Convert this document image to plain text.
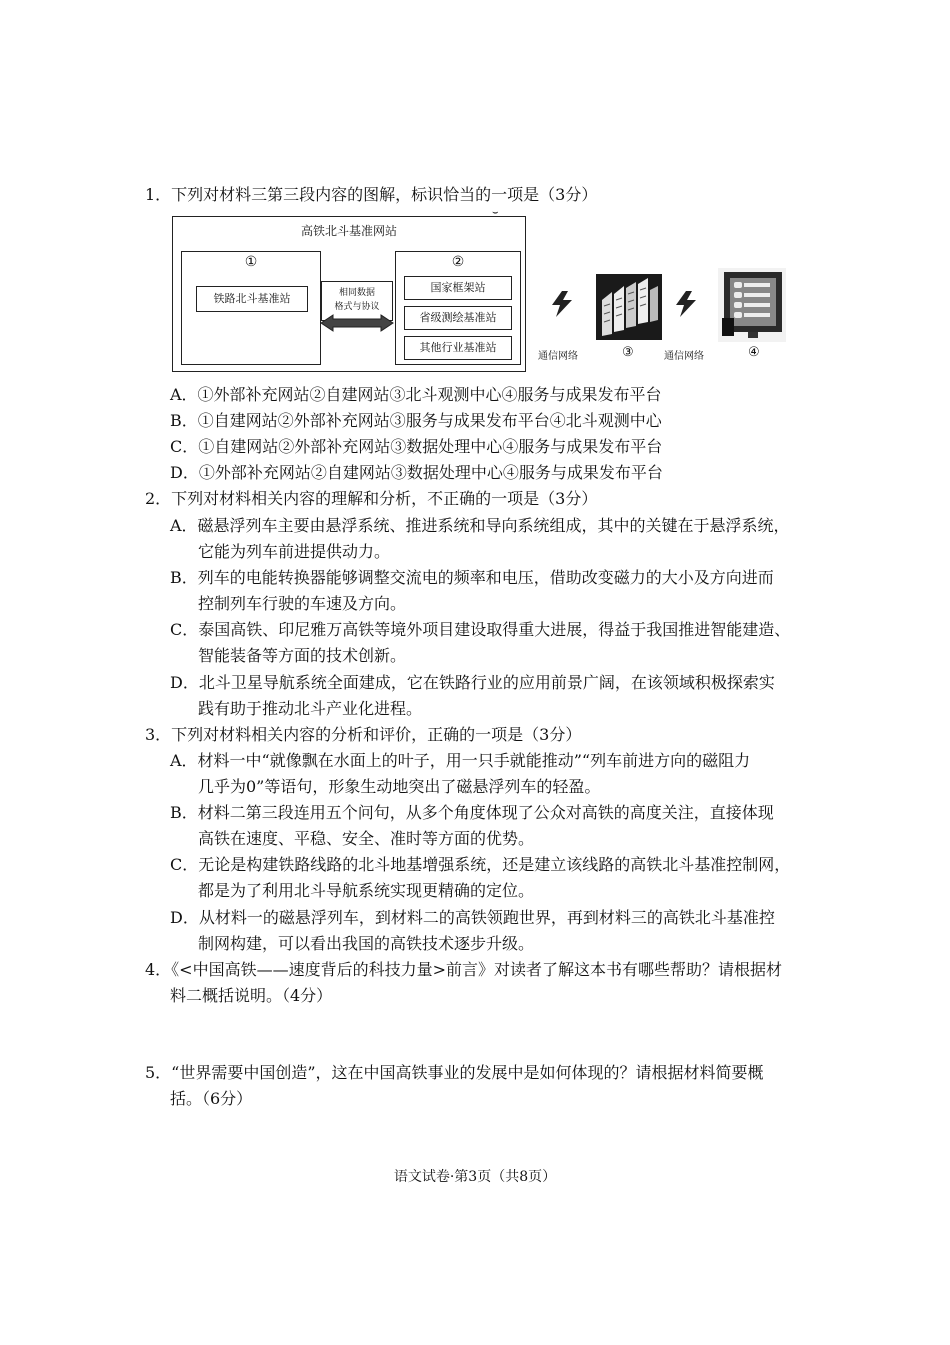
1．下列对材料三第三段内容的图解，标识恰当的一项是（3分）
⌣
高铁北斗基准网站
①
铁路北斗基准站	相同数据
格式与协议
②
国家框架站
省级测绘基准站
其他行业基准站
通信网络	③	通信网络	④
A．①外部补充网站②自建网站③北斗观测中心④服务与成果发布平台
B．①自建网站②外部补充网站③服务与成果发布平台④北斗观测中心
C．①自建网站②外部补充网站③数据处理中心④服务与成果发布平台
D．①外部补充网站②自建网站③数据处理中心④服务与成果发布平台
2．下列对材料相关内容的理解和分析，不正确的一项是（3分）
A．磁悬浮列车主要由悬浮系统、推进系统和导向系统组成，其中的关键在于悬浮系统，
它能为列车前进提供动力。
B．列车的电能转换器能够调整交流电的频率和电压，借助改变磁力的大小及方向进而
控制列车行驶的车速及方向。
C．泰国高铁、印尼雅万高铁等境外项目建设取得重大进展，得益于我国推进智能建造、
智能装备等方面的技术创新。
D．北斗卫星导航系统全面建成，它在铁路行业的应用前景广阔，在该领域积极探索实
践有助于推动北斗产业化进程。
3．下列对材料相关内容的分析和评价，正确的一项是（3分）
A．材料一中“就像飘在水面上的叶子，用一只手就能推动”“列车前进方向的磁阻力
几乎为0”等语句，形象生动地突出了磁悬浮列车的轻盈。
B．材料二第三段连用五个问句，从多个角度体现了公众对高铁的高度关注，直接体现
高铁在速度、平稳、安全、准时等方面的优势。
C．无论是构建铁路线路的北斗地基增强系统，还是建立该线路的高铁北斗基准控制网，
都是为了利用北斗导航系统实现更精确的定位。
D．从材料一的磁悬浮列车，到材料二的高铁领跑世界，再到材料三的高铁北斗基准控
制网构建，可以看出我国的高铁技术逐步升级。
4．《<中国高铁——速度背后的科技力量>前言》对读者了解这本书有哪些帮助？请根据材
料二概括说明。（4分）
5．“世界需要中国创造”，这在中国高铁事业的发展中是如何体现的？请根据材料简要概
括。（6分）
语文试卷·第3页（共8页）
